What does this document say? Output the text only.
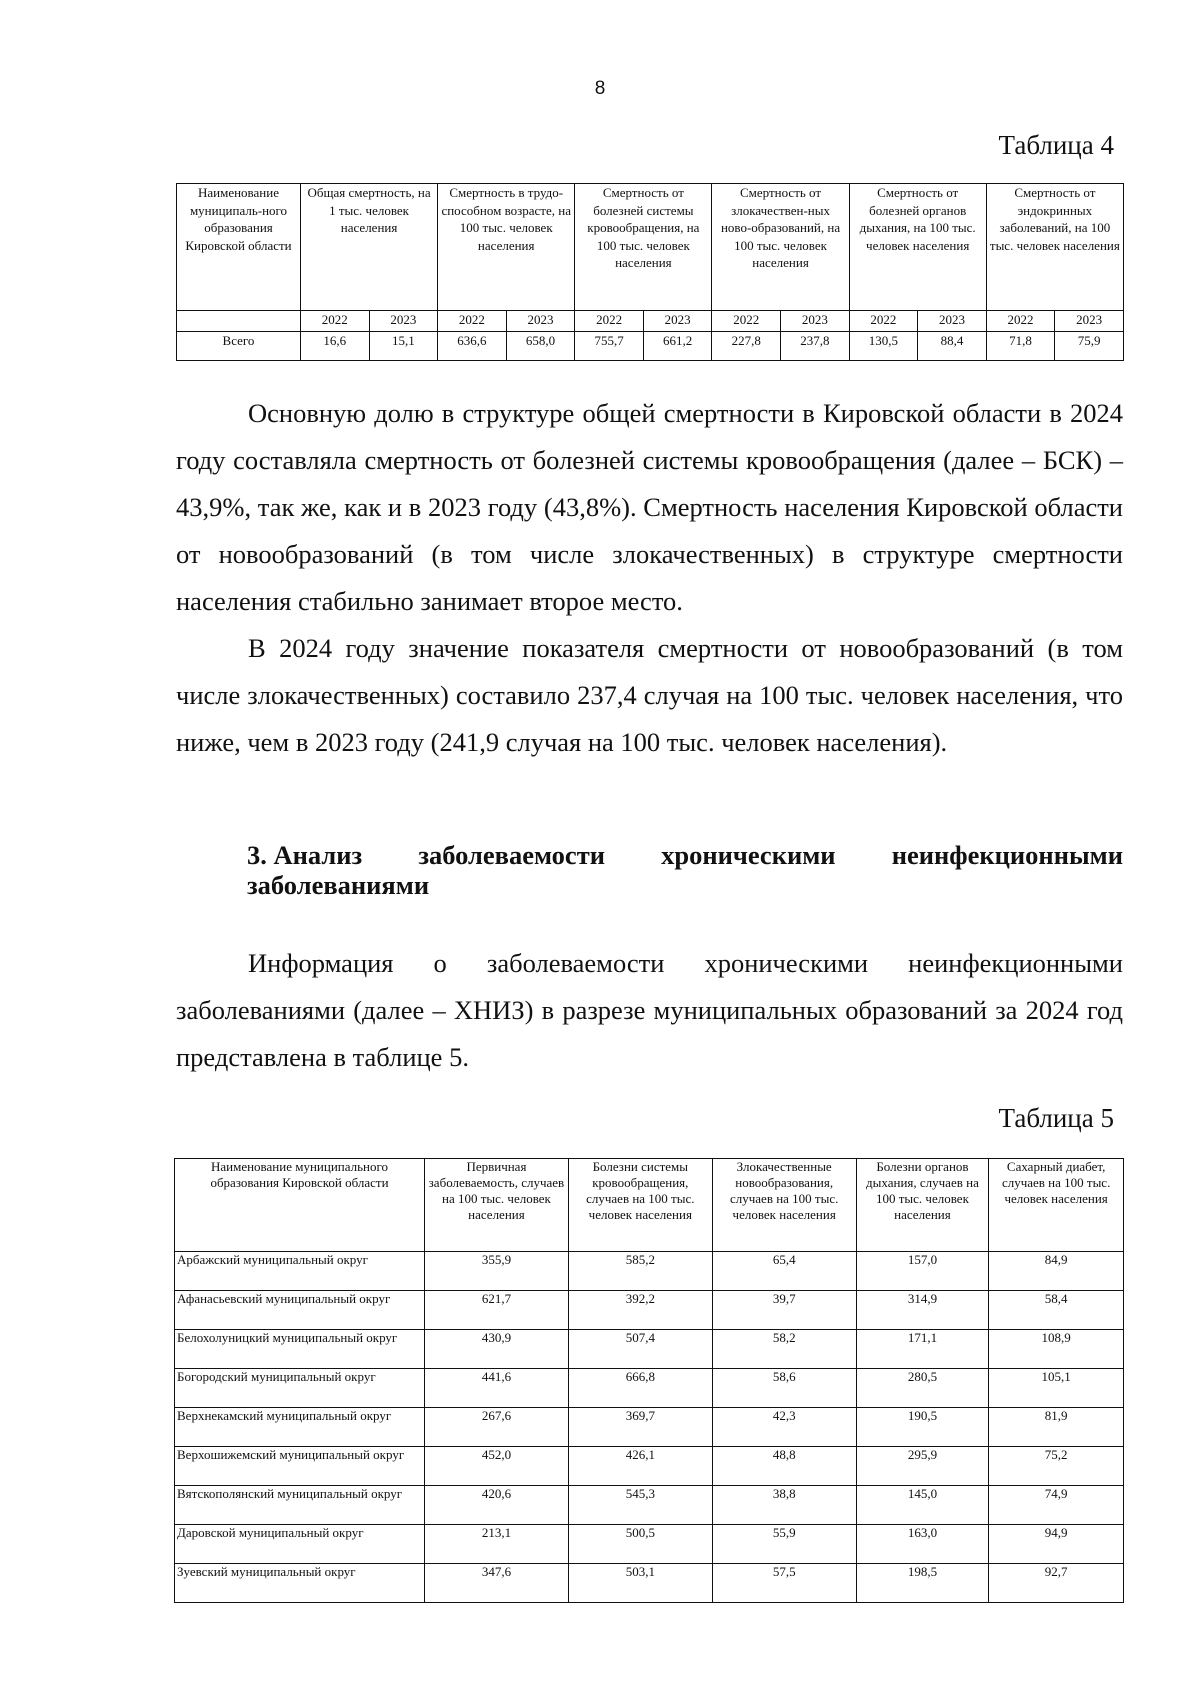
8
Таблица 4
Наименование муниципаль-ного образования Кировской области	Общая смертность, на 1 тыс. человек населения		Смертность в трудо-способном возрасте, на 100 тыс. человек населения		Смертность от болезней системы кровообращения, на 100 тыс. человек населения		Смертность от злокачествен-ных ново-образований, на 100 тыс. человек населения		Смертность от болезней органов дыхания, на 100 тыс. человек населения		Смертность от эндокринных заболеваний, на 100 тыс. человек населения	
	2022	2023	2022	2023	2022	2023	2022	2023	2022	2023	2022	2023
Всего	16,6	15,1	636,6	658,0	755,7	661,2	227,8	237,8	130,5	88,4	71,8	75,9

Основную долю в структуре общей смертности в Кировской области в 2024 году составляла смертность от болезней системы кровообращения (далее – БСК) – 43,9%, так же, как и в 2023 году (43,8%). Смертность населения Кировской области от новообразований (в том числе злокачественных) в структуре смертности населения стабильно занимает второе место.

В 2024 году значение показателя смертности от новообразований (в том числе злокачественных) составило 237,4 случая на 100 тыс. человек населения, что ниже, чем в 2023 году (241,9 случая на 100 тыс. человек населения).

3. Анализ заболеваемости хроническими неинфекционными
заболеваниями

Информация о заболеваемости хроническими неинфекционными заболеваниями (далее – ХНИЗ) в разрезе муниципальных образований за 2024 год представлена в таблице 5.

Таблица 5
Наименование муниципального образования Кировской области	Первичная заболеваемость, случаев на 100 тыс. человек населения	Болезни системы кровообращения, случаев на 100 тыс. человек населения	Злокачественные новообразования, случаев на 100 тыс. человек населения	Болезни органов дыхания, случаев на 100 тыс. человек населения	Сахарный диабет, случаев на 100 тыс. человек населения
Арбажский муниципальный округ	355,9	585,2	65,4	157,0	84,9
Афанасьевский муниципальный округ	621,7	392,2	39,7	314,9	58,4
Белохолуницкий муниципальный округ	430,9	507,4	58,2	171,1	108,9
Богородский муниципальный округ	441,6	666,8	58,6	280,5	105,1
Верхнекамский муниципальный округ	267,6	369,7	42,3	190,5	81,9
Верхошижемский муниципальный округ	452,0	426,1	48,8	295,9	75,2
Вятскополянский муниципальный округ	420,6	545,3	38,8	145,0	74,9
Даровской муниципальный округ	213,1	500,5	55,9	163,0	94,9
Зуевский муниципальный округ	347,6	503,1	57,5	198,5	92,7
